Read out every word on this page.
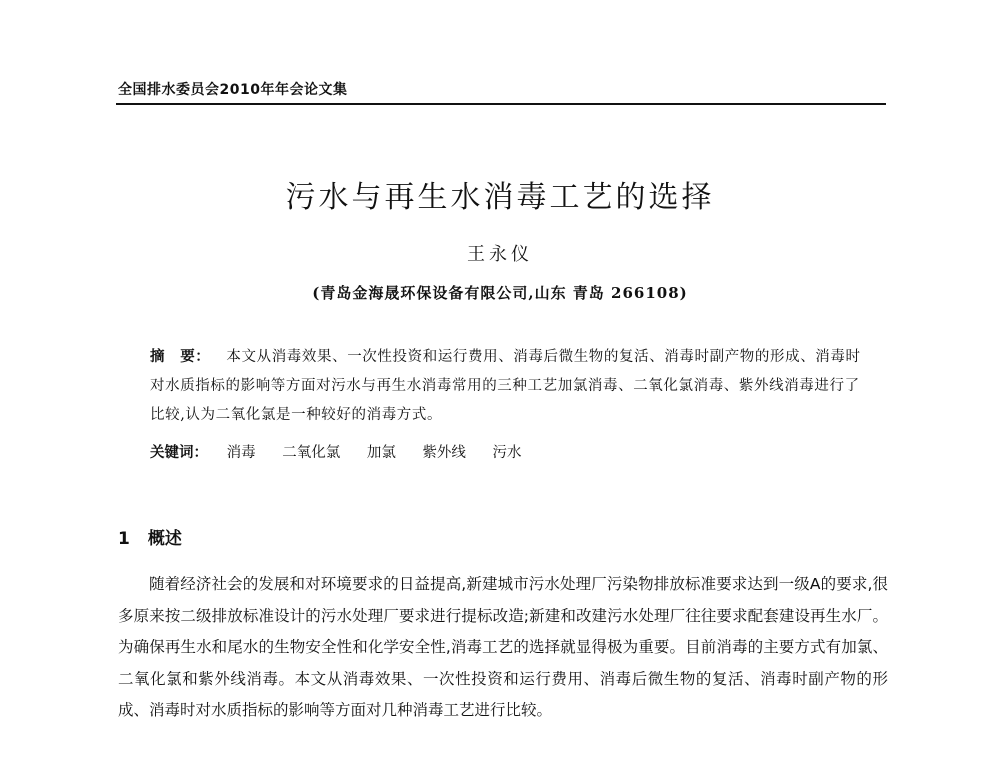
全国排水委员会2010年年会论文集
污水与再生水消毒工艺的选择
王永仪
(青岛金海晟环保设备有限公司,山东 青岛 266108)
摘　要： 本文从消毒效果、一次性投资和运行费用、消毒后微生物的复活、消毒时副产物的形成、消毒时对水质指标的影响等方面对污水与再生水消毒常用的三种工艺加氯消毒、二氧化氯消毒、紫外线消毒进行了比较,认为二氧化氯是一种较好的消毒方式。
关键词： 消毒 二氧化氯 加氯 紫外线 污水
1 概述
随着经济社会的发展和对环境要求的日益提高,新建城市污水处理厂污染物排放标准要求达到一级A的要求,很多原来按二级排放标准设计的污水处理厂要求进行提标改造;新建和改建污水处理厂往往要求配套建设再生水厂。为确保再生水和尾水的生物安全性和化学安全性,消毒工艺的选择就显得极为重要。目前消毒的主要方式有加氯、二氧化氯和紫外线消毒。本文从消毒效果、一次性投资和运行费用、消毒后微生物的复活、消毒时副产物的形成、消毒时对水质指标的影响等方面对几种消毒工艺进行比较。
